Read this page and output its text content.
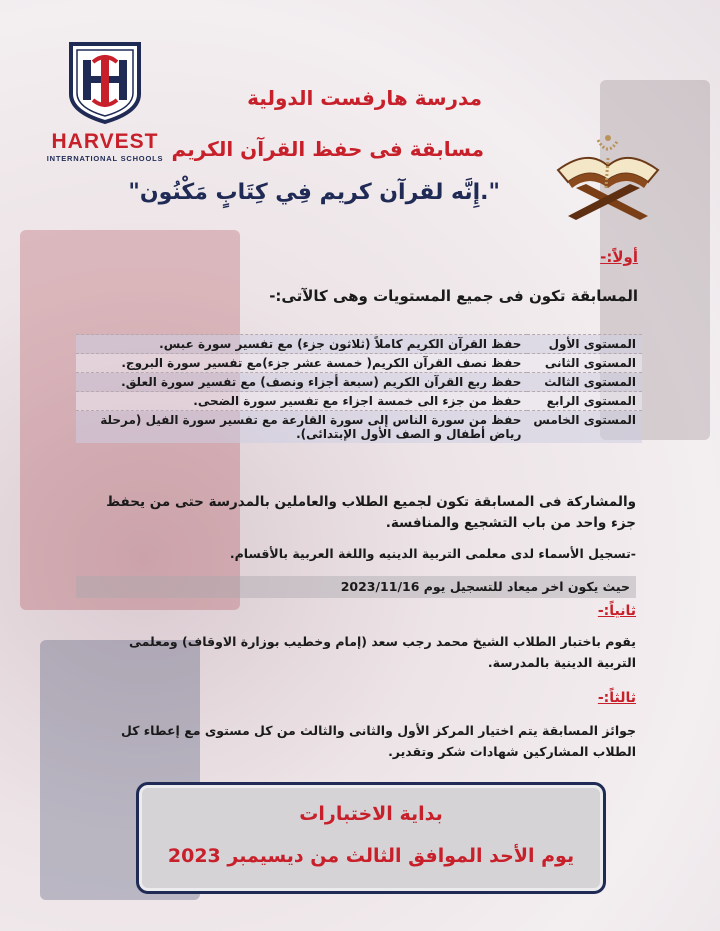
HARVEST
INTERNATIONAL SCHOOLS
مدرسة هارفست الدولية
مسابقة فى حفظ القرآن الكريم
".إِنَّه لقرآن كريم فِي كِتَابٍ مَكْنُون"
أولاً:-
المسابقة تكون فى جميع المستويات وهى كالآتى:-
المستوى الأول	حفظ القرآن الكريم كاملاً (ثلاثون جزء) مع تفسير سورة عبس.
المستوى الثانى	حفظ نصف القرآن الكريم( خمسة عشر جزء)مع تفسير سورة البروج.
المستوى الثالث	حفظ ربع القرآن الكريم (سبعة أجزاء ونصف) مع تفسير سورة العلق.
المستوى الرابع	حفظ من جزء الى خمسة اجزاء مع تفسير سورة الضحى.
المستوى الخامس	حفظ من سورة الناس إلى سورة القارعة مع تفسير سورة الفيل (مرحلة رياض أطفال و الصف الأول الإبتدائى).
والمشاركة فى المسابقة تكون لجميع الطلاب والعاملين بالمدرسة حتى من يحفظ جزء واحد من باب التشجيع والمنافسة.
-تسجيل الأسماء لدى معلمى التربية الدينيه واللغة العربية بالأقسام.
حيث يكون اخر ميعاد للتسجيل يوم 2023/11/16
ثانياً:-
يقوم باختبار الطلاب الشيخ محمد رجب سعد (إمام وخطيب بوزارة الاوقاف) ومعلمى التربية الدينية بالمدرسة.
ثالثاً:-
جوائز المسابقة يتم اختيار المركز الأول والثانى والثالث من كل مستوى مع إعطاء كل الطلاب المشاركين شهادات شكر وتقدير.
بداية الاختبارات
يوم الأحد الموافق الثالث من ديسيمبر 2023
